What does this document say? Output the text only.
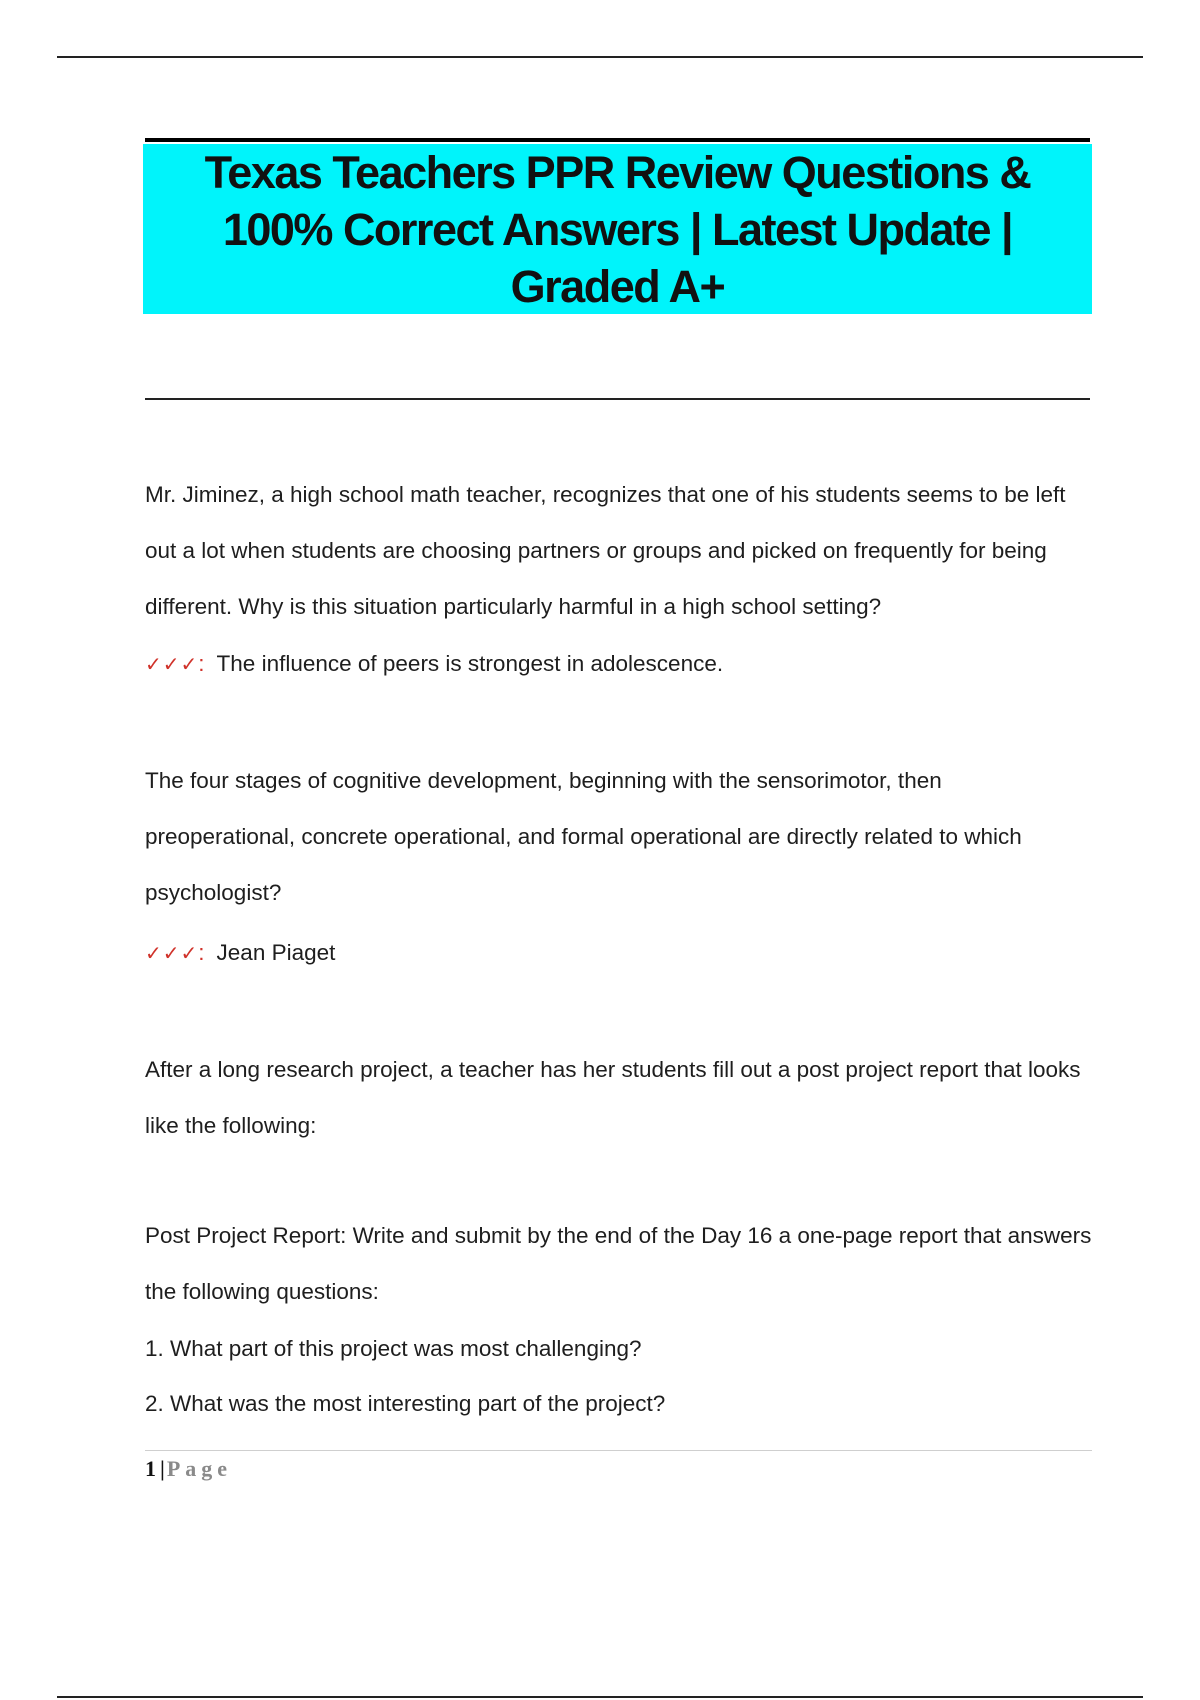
Texas Teachers PPR Review Questions & 100% Correct Answers | Latest Update | Graded A+

Mr. Jiminez, a high school math teacher, recognizes that one of his students seems to be left out a lot when students are choosing partners or groups and picked on frequently for being different. Why is this situation particularly harmful in a high school setting?

✓✓✓: The influence of peers is strongest in adolescence.

The four stages of cognitive development, beginning with the sensorimotor, then preoperational, concrete operational, and formal operational are directly related to which psychologist?

✓✓✓: Jean Piaget

After a long research project, a teacher has her students fill out a post project report that looks like the following:

Post Project Report: Write and submit by the end of the Day 16 a one-page report that answers the following questions:

1. What part of this project was most challenging?

2. What was the most interesting part of the project?

1 |Page
